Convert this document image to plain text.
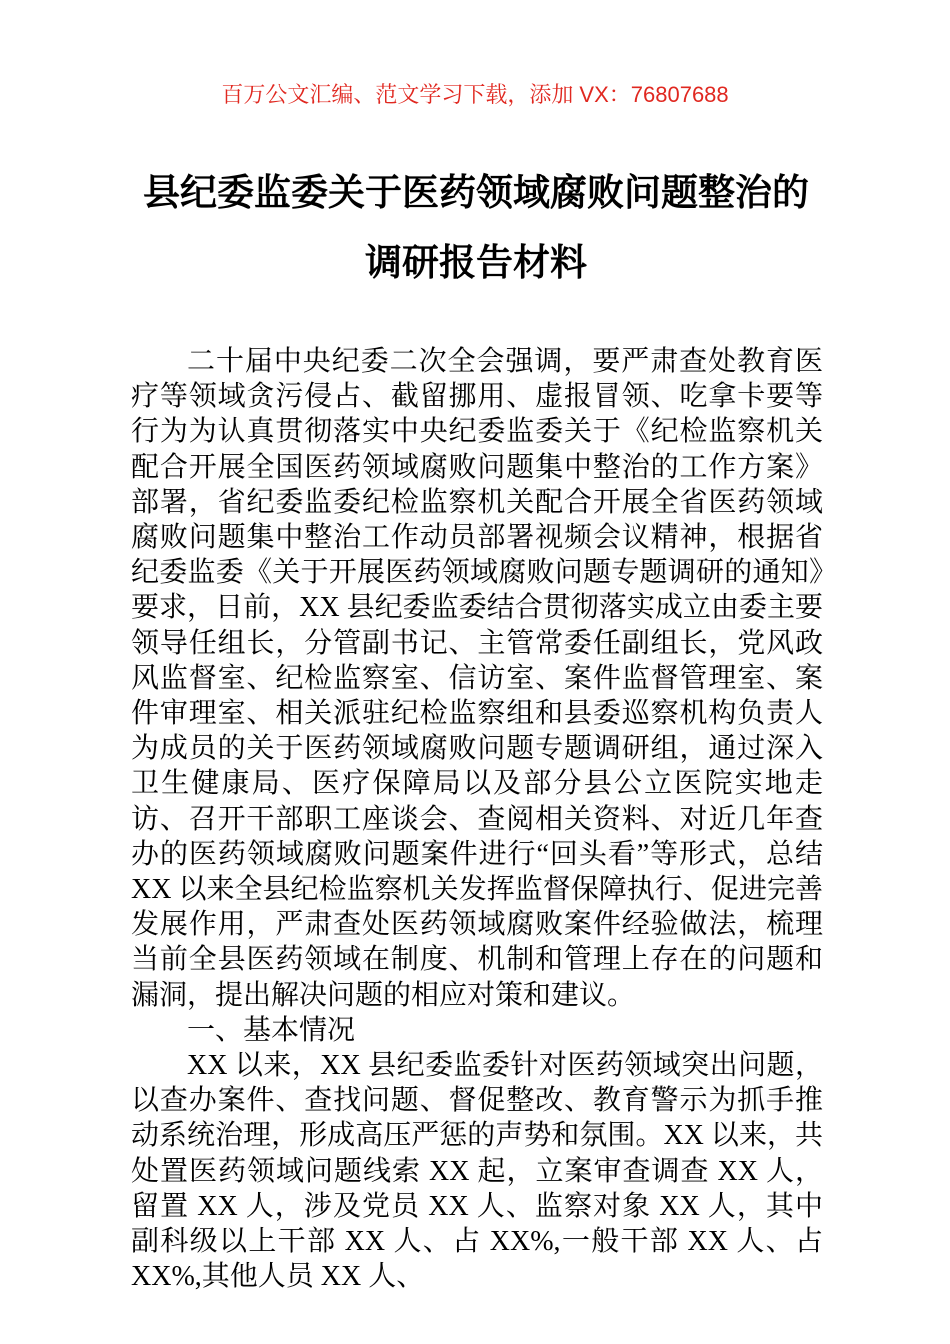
百万公文汇编、范文学习下载，添加 VX：76807688
县纪委监委关于医药领域腐败问题整治的
调研报告材料

二十届中央纪委二次全会强调，要严肃查处教育医疗等领域贪污侵占、截留挪用、虚报冒领、吃拿卡要等行为为认真贯彻落实中央纪委监委关于《纪检监察机关配合开展全国医药领域腐败问题集中整治的工作方案》部署，省纪委监委纪检监察机关配合开展全省医药领域腐败问题集中整治工作动员部署视频会议精神，根据省纪委监委《关于开展医药领域腐败问题专题调研的通知》要求，日前，XX 县纪委监委结合贯彻落实成立由委主要领导任组长，分管副书记、主管常委任副组长，党风政风监督室、纪检监察室、信访室、案件监督管理室、案件审理室、相关派驻纪检监察组和县委巡察机构负责人为成员的关于医药领域腐败问题专题调研组，通过深入卫生健康局、医疗保障局以及部分县公立医院实地走访、召开干部职工座谈会、查阅相关资料、对近几年查办的医药领域腐败问题案件进行“回头看”等形式，总结 XX 以来全县纪检监察机关发挥监督保障执行、促进完善发展作用，严肃查处医药领域腐败案件经验做法，梳理当前全县医药领域在制度、机制和管理上存在的问题和漏洞，提出解决问题的相应对策和建议。

一、基本情况

XX 以来，XX 县纪委监委针对医药领域突出问题，以查办案件、查找问题、督促整改、教育警示为抓手推动系统治理，形成高压严惩的声势和氛围。XX 以来，共处置医药领域问题线索 XX 起，立案审查调查 XX 人，留置 XX 人，涉及党员 XX 人、监察对象 XX 人，其中副科级以上干部 XX 人、占 XX%,一般干部 XX 人、占 XX%,其他人员 XX 人、
